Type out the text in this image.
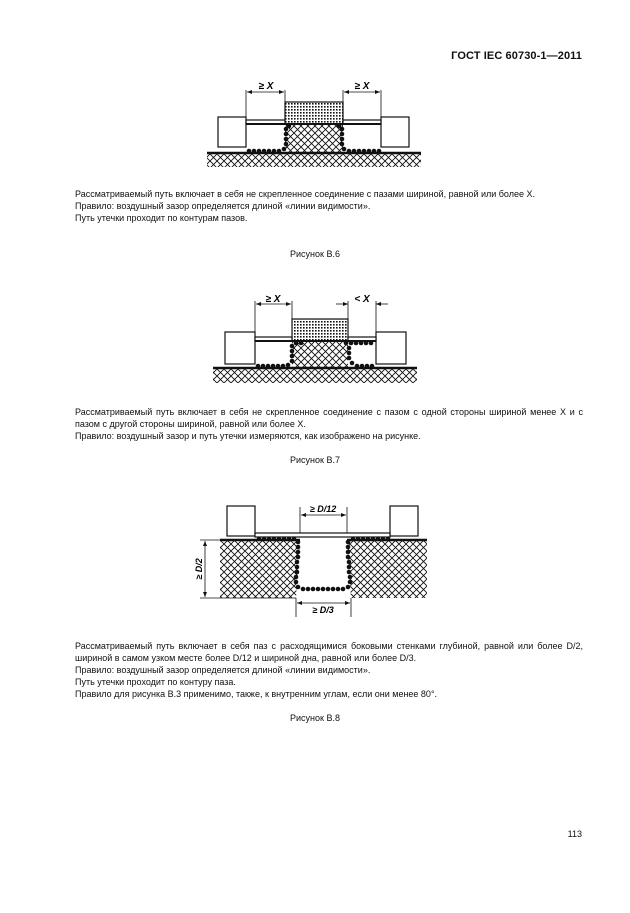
ГОСТ IEC 60730-1—2011
≥ X	≥ X
Рассматриваемый путь включает в себя не скрепленное соединение с пазами шириной, равной или более X.
Правило: воздушный зазор определяется длиной «линии видимости».
Путь утечки проходит по контурам пазов.
Рисунок В.6
≥ X	< X
Рассматриваемый путь включает в себя не скрепленное соединение с пазом с одной стороны шириной менее X и с пазом с другой стороны шириной, равной или более X.
Правило: воздушный зазор и путь утечки измеряются, как изображено на рисунке.
Рисунок В.7
≥ D/12
≥ D/2
≥ D/3
Рассматриваемый путь включает в себя паз с расходящимися боковыми стенками глубиной, равной или более D/2, шириной в самом узком месте более D/12 и шириной дна, равной или более D/3.
Правило: воздушный зазор определяется длиной «линии видимости».
Путь утечки проходит по контуру паза.
Правило для рисунка В.3 применимо, также, к внутренним углам, если они менее 80°.
Рисунок В.8
113
